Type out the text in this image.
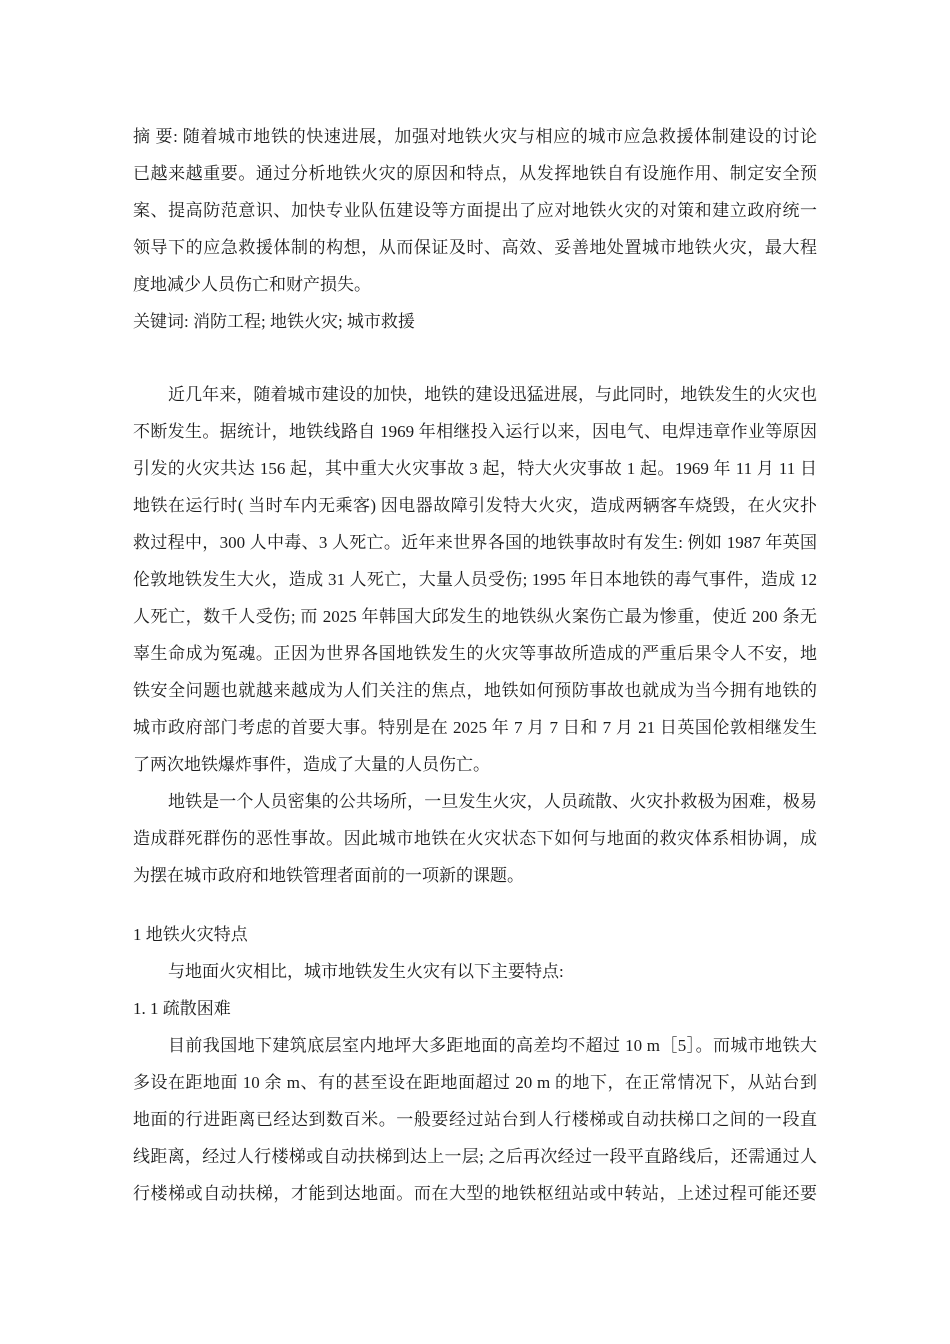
摘 要: 随着城市地铁的快速进展，加强对地铁火灾与相应的城市应急救援体制建设的讨论
已越来越重要。通过分析地铁火灾的原因和特点，从发挥地铁自有设施作用、制定安全预
案、提高防范意识、加快专业队伍建设等方面提出了应对地铁火灾的对策和建立政府统一
领导下的应急救援体制的构想，从而保证及时、高效、妥善地处置城市地铁火灾，最大程
度地减少人员伤亡和财产损失。
关键词: 消防工程; 地铁火灾; 城市救援
近几年来，随着城市建设的加快，地铁的建设迅猛进展，与此同时，地铁发生的火灾也
不断发生。据统计，地铁线路自 1969 年相继投入运行以来，因电气、电焊违章作业等原因
引发的火灾共达 156 起，其中重大火灾事故 3 起，特大火灾事故 1 起。1969 年 11 月 11 日
地铁在运行时( 当时车内无乘客) 因电器故障引发特大火灾，造成两辆客车烧毁，在火灾扑
救过程中，300 人中毒、3 人死亡。近年来世界各国的地铁事故时有发生: 例如 1987 年英国
伦敦地铁发生大火，造成 31 人死亡，大量人员受伤; 1995 年日本地铁的毒气事件，造成 12
人死亡，数千人受伤; 而 2025 年韩国大邱发生的地铁纵火案伤亡最为惨重，使近 200 条无
辜生命成为冤魂。正因为世界各国地铁发生的火灾等事故所造成的严重后果令人不安，地
铁安全问题也就越来越成为人们关注的焦点，地铁如何预防事故也就成为当今拥有地铁的
城市政府部门考虑的首要大事。特别是在 2025 年 7 月 7 日和 7 月 21 日英国伦敦相继发生
了两次地铁爆炸事件，造成了大量的人员伤亡。
地铁是一个人员密集的公共场所，一旦发生火灾，人员疏散、火灾扑救极为困难，极易
造成群死群伤的恶性事故。因此城市地铁在火灾状态下如何与地面的救灾体系相协调，成
为摆在城市政府和地铁管理者面前的一项新的课题。
1 地铁火灾特点
与地面火灾相比，城市地铁发生火灾有以下主要特点:
1. 1 疏散困难
目前我国地下建筑底层室内地坪大多距地面的高差均不超过 10 m［5］。而城市地铁大
多设在距地面 10 余 m、有的甚至设在距地面超过 20 m 的地下，在正常情况下，从站台到
地面的行进距离已经达到数百米。一般要经过站台到人行楼梯或自动扶梯口之间的一段直
线距离，经过人行楼梯或自动扶梯到达上一层; 之后再次经过一段平直路线后，还需通过人
行楼梯或自动扶梯，才能到达地面。而在大型的地铁枢纽站或中转站，上述过程可能还要
